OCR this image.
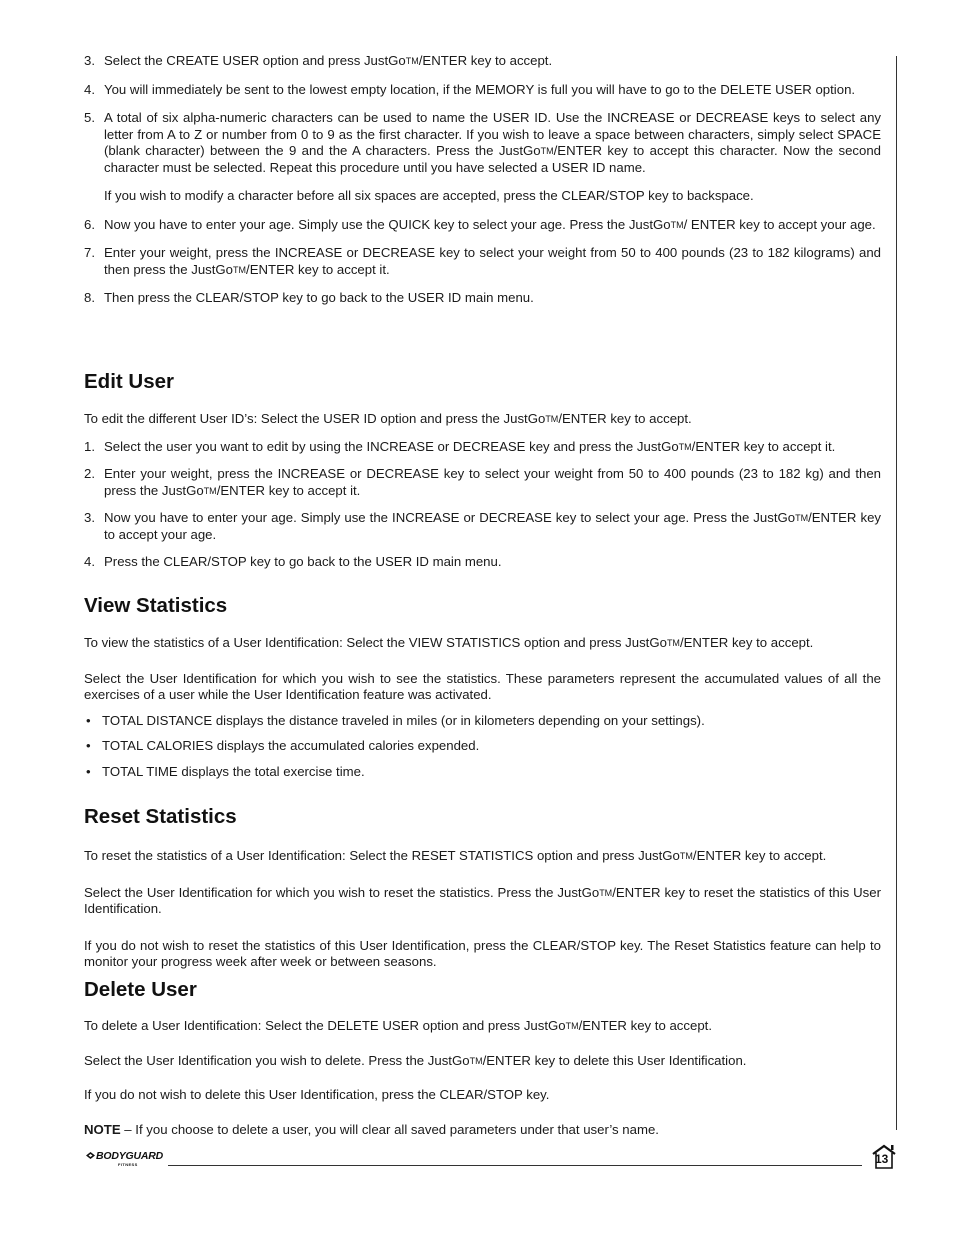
3. Select the CREATE USER option and press JustGo™/ENTER key to accept.
4. You will immediately be sent to the lowest empty location, if the MEMORY is full you will have to go to the DELETE USER option.
5. A total of six alpha-numeric characters can be used to name the USER ID. Use the INCREASE or DECREASE keys to select any letter from A to Z or number from 0 to 9 as the first character. If you wish to leave a space between characters, simply select SPACE (blank character) between the 9 and the A characters. Press the JustGo™/ENTER key to accept this character. Now the second character must be selected. Repeat this procedure until you have selected a USER ID name.
If you wish to modify a character before all six spaces are accepted, press the CLEAR/STOP key to backspace.
6. Now you have to enter your age. Simply use the QUICK key to select your age. Press the JustGo™/ ENTER key to accept your age.
7. Enter your weight, press the INCREASE or DECREASE key to select your weight from 50 to 400 pounds (23 to 182 kilograms) and then press the JustGo™/ENTER key to accept it.
8. Then press the CLEAR/STOP key to go back to the USER ID main menu.
Edit User
To edit the different User ID’s: Select the USER ID option and press the JustGo™/ENTER key to accept.
1. Select the user you want to edit by using the INCREASE or DECREASE key and press the JustGo™/ENTER key to accept it.
2. Enter your weight, press the INCREASE or DECREASE key to select your weight from 50 to 400 pounds (23 to 182 kg) and then press the JustGo™/ENTER key to accept it.
3. Now you have to enter your age. Simply use the INCREASE or DECREASE key to select your age. Press the JustGo™/ENTER key to accept your age.
4. Press the CLEAR/STOP key to go back to the USER ID main menu.
View Statistics
To view the statistics of a User Identification: Select the VIEW STATISTICS option and press JustGo™/ENTER key to accept.
Select the User Identification for which you wish to see the statistics. These parameters represent the accumulated values of all the exercises of a user while the User Identification feature was activated.
• TOTAL DISTANCE displays the distance traveled in miles (or in kilometers depending on your settings).
• TOTAL CALORIES displays the accumulated calories expended.
• TOTAL TIME displays the total exercise time.
Reset Statistics
To reset the statistics of a User Identification: Select the RESET STATISTICS option and press JustGo™/ENTER key to accept.
Select the User Identification for which you wish to reset the statistics. Press the JustGo™/ENTER key to reset the statistics of this User Identification.
If you do not wish to reset the statistics of this User Identification, press the CLEAR/STOP key. The Reset Statistics feature can help to monitor your progress week after week or between seasons.
Delete User
To delete a User Identification: Select the DELETE USER option and press JustGo™/ENTER key to accept.
Select the User Identification you wish to delete. Press the JustGo™/ENTER key to delete this User Identification.
If you do not wish to delete this User Identification, press the CLEAR/STOP key.
NOTE – If you choose to delete a user, you will clear all saved parameters under that user’s name.
BODYGUARD
FITNESS	13
